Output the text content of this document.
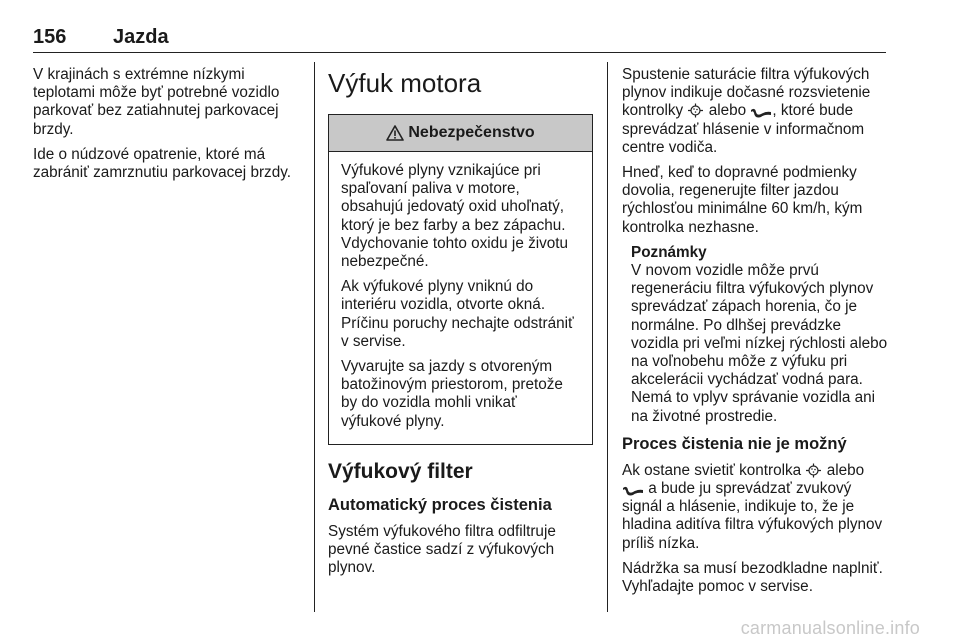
156 Jazda

V krajinách s extrémne nízkymi teplotami môže byť potrebné vozidlo parkovať bez zatiahnutej parkovacej brzdy.

Ide o núdzové opatrenie, ktoré má zabrániť zamrznutiu parkovacej brzdy.

Výfuk motora
Nebezpečenstvo

Výfukové plyny vznikajúce pri spaľovaní paliva v motore, obsahujú jedovatý oxid uhoľnatý, ktorý je bez farby a bez zápachu. Vdychovanie tohto oxidu je životu nebezpečné.

Ak výfukové plyny vniknú do interiéru vozidla, otvorte okná. Príčinu poruchy nechajte odstrániť v servise.

Vyvarujte sa jazdy s otvoreným batožinovým priestorom, pretože by do vozidla mohli vnikať výfukové plyny.

Výfukový filter
Automatický proces čistenia

Systém výfukového filtra odfiltruje pevné častice sadzí z výfukových plynov.

Spustenie saturácie filtra výfukových plynov indikuje dočasné rozsvietenie kontrolky alebo , ktoré bude sprevádzať hlásenie v informačnom centre vodiča.

Hneď, keď to dopravné podmienky dovolia, regenerujte filter jazdou rýchlosťou minimálne 60 km/h, kým kontrolka nezhasne.

Poznámky
V novom vozidle môže prvú regeneráciu filtra výfukových plynov sprevádzať zápach horenia, čo je normálne. Po dlhšej prevádzke vozidla pri veľmi nízkej rýchlosti alebo na voľnobehu môže z výfuku pri akcelerácii vychádzať vodná para. Nemá to vplyv správanie vozidla ani na životné prostredie.
Proces čistenia nie je možný

Ak ostane svietiť kontrolka alebo  a bude ju sprevádzať zvukový signál a hlásenie, indikuje to, že je hladina aditíva filtra výfukových plynov príliš nízka.

Nádržka sa musí bezodkladne naplniť. Vyhľadajte pomoc v servise.

carmanualsonline.info
